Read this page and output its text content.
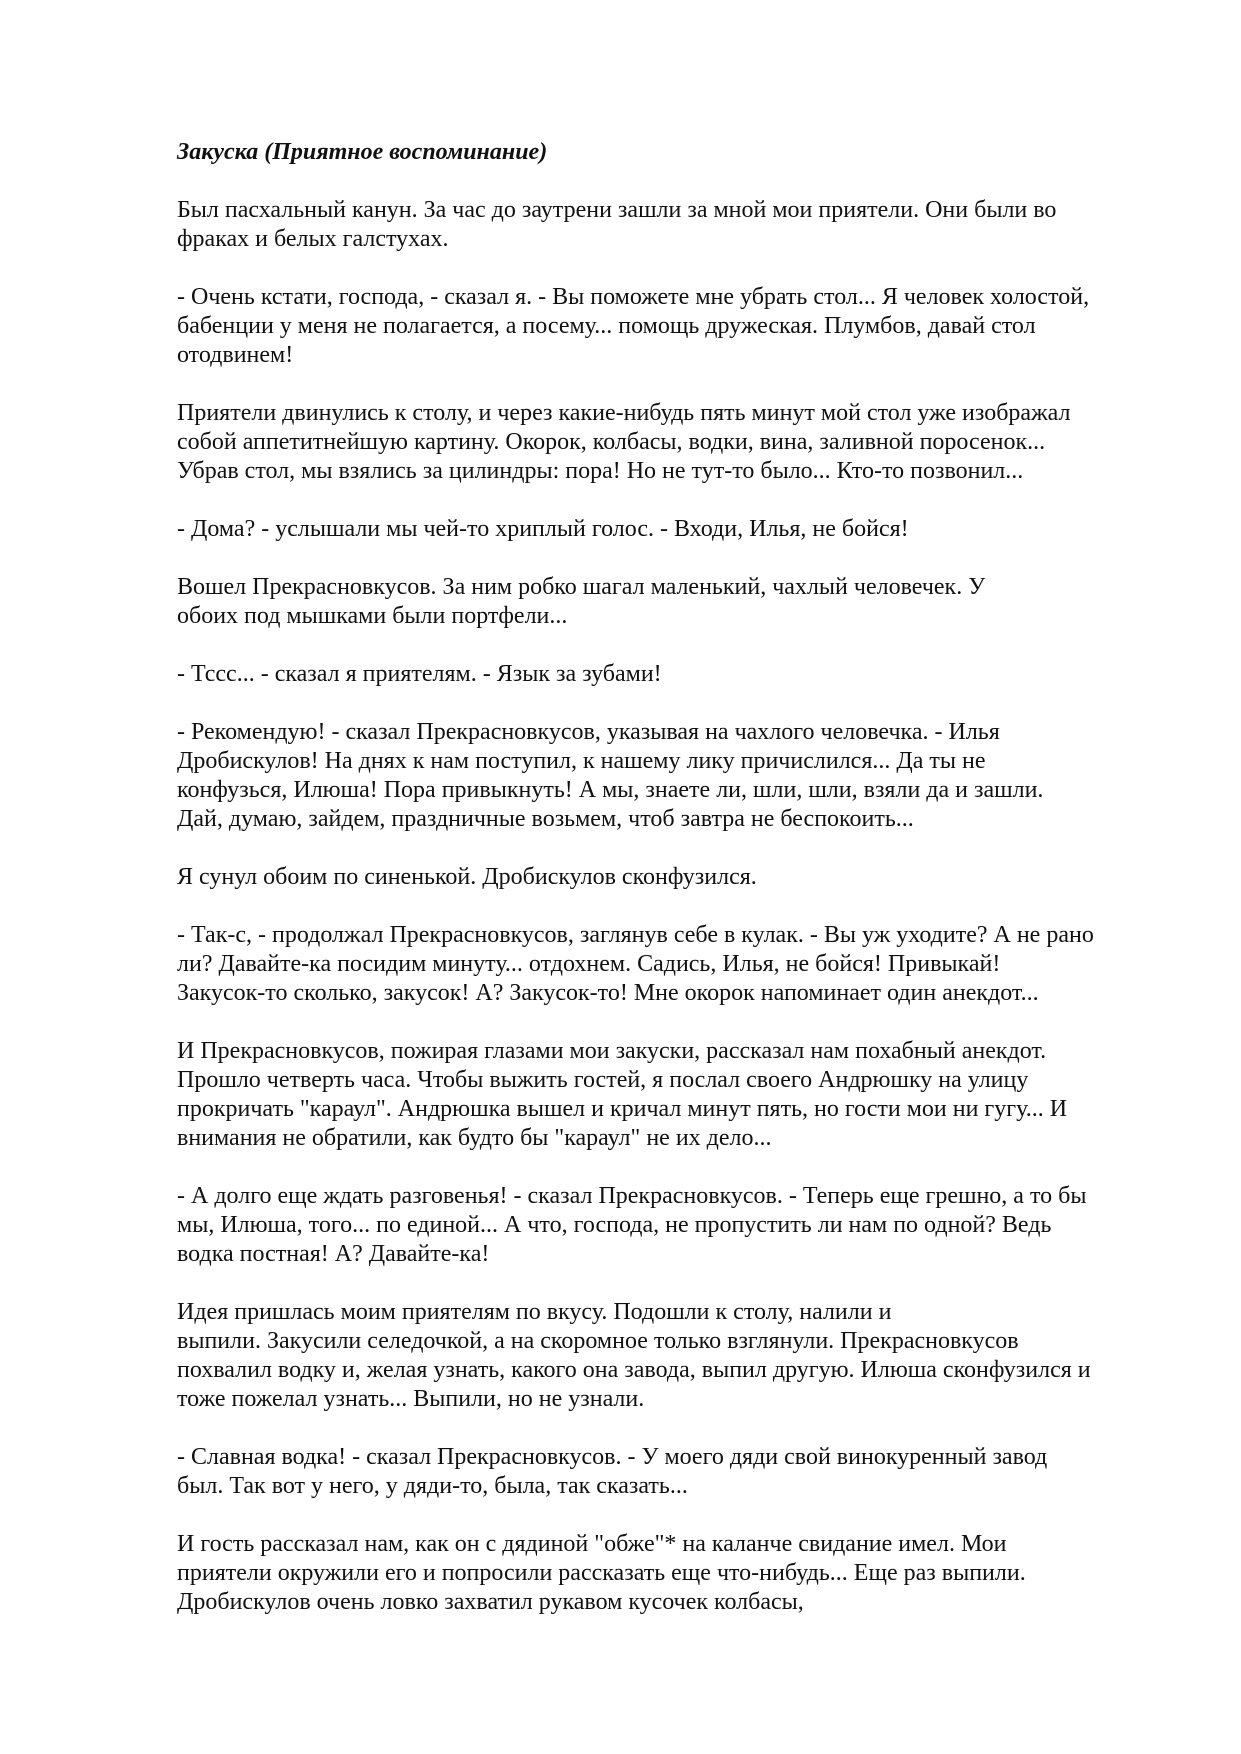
Закуска (Приятное воспоминание)
Был пасхальный канун. За час до заутрени зашли за мной мои приятели. Они были во
фраках и белых галстухах.
- Очень кстати, господа, - сказал я. - Вы поможете мне убрать стол... Я человек холостой,
бабенции у меня не полагается, а посему... помощь дружеская. Плумбов, давай стол
отодвинем!
Приятели двинулись к столу, и через какие-нибудь пять минут мой стол уже изображал
собой аппетитнейшую картину. Окорок, колбасы, водки, вина, заливной поросенок...
Убрав стол, мы взялись за цилиндры: пора! Но не тут-то было... Кто-то позвонил...
- Дома? - услышали мы чей-то хриплый голос. - Входи, Илья, не бойся!
Вошел Прекрасновкусов. За ним робко шагал маленький, чахлый человечек. У
обоих под мышками были портфели...
- Тссс... - сказал я приятелям. - Язык за зубами!
- Рекомендую! - сказал Прекрасновкусов, указывая на чахлого человечка. - Илья
Дробискулов! На днях к нам поступил, к нашему лику причислился... Да ты не
конфузься, Илюша! Пора привыкнуть! А мы, знаете ли, шли, шли, взяли да и зашли.
Дай, думаю, зайдем, праздничные возьмем, чтоб завтра не беспокоить...
Я сунул обоим по синенькой. Дробискулов сконфузился.
- Так-с, - продолжал Прекрасновкусов, заглянув себе в кулак. - Вы уж уходите? А не рано
ли? Давайте-ка посидим минуту... отдохнем. Садись, Илья, не бойся! Привыкай!
Закусок-то сколько, закусок! А? Закусок-то! Мне окорок напоминает один анекдот...
И Прекрасновкусов, пожирая глазами мои закуски, рассказал нам похабный анекдот.
Прошло четверть часа. Чтобы выжить гостей, я послал своего Андрюшку на улицу
прокричать "караул". Андрюшка вышел и кричал минут пять, но гости мои ни гугу... И
внимания не обратили, как будто бы "караул" не их дело...
- А долго еще ждать разговенья! - сказал Прекрасновкусов. - Теперь еще грешно, а то бы
мы, Илюша, того... по единой... А что, господа, не пропустить ли нам по одной? Ведь
водка постная! А? Давайте-ка!
Идея пришлась моим приятелям по вкусу. Подошли к столу, налили и
выпили. Закусили селедочкой, а на скоромное только взглянули. Прекрасновкусов
похвалил водку и, желая узнать, какого она завода, выпил другую. Илюша сконфузился и
тоже пожелал узнать... Выпили, но не узнали.
- Славная водка! - сказал Прекрасновкусов. - У моего дяди свой винокуренный завод
был. Так вот у него, у дяди-то, была, так сказать...
И гость рассказал нам, как он с дядиной "обже"* на каланче свидание имел. Мои
приятели окружили его и попросили рассказать еще что-нибудь... Еще раз выпили.
Дробискулов очень ловко захватил рукавом кусочек колбасы,
